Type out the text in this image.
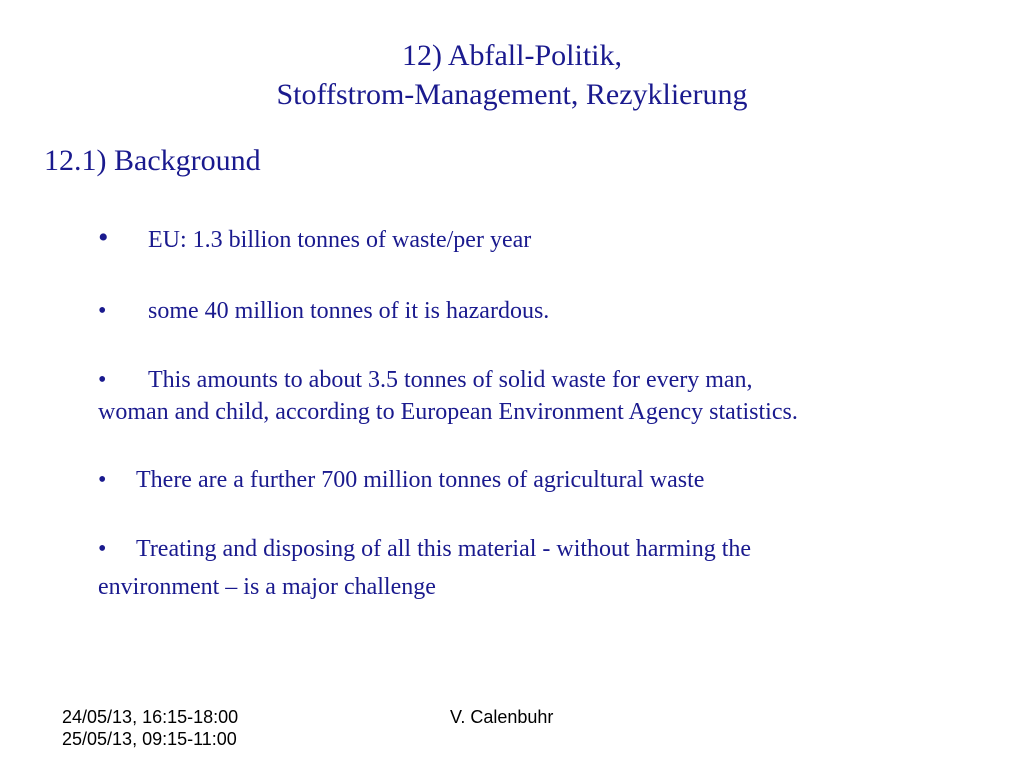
12) Abfall-Politik,
Stoffstrom-Management, Rezyklierung
12.1) Background
• EU: 1.3 billion tonnes of waste/per year
• some 40 million tonnes of it is hazardous.
• This amounts to about 3.5 tonnes of solid waste for every man,
woman and child, according to European Environment Agency statistics.
• There are a further 700 million tonnes of agricultural waste
• Treating and disposing of all this material - without harming the
environment – is a major challenge
24/05/13, 16:15-18:00
25/05/13, 09:15-11:00
V. Calenbuhr
